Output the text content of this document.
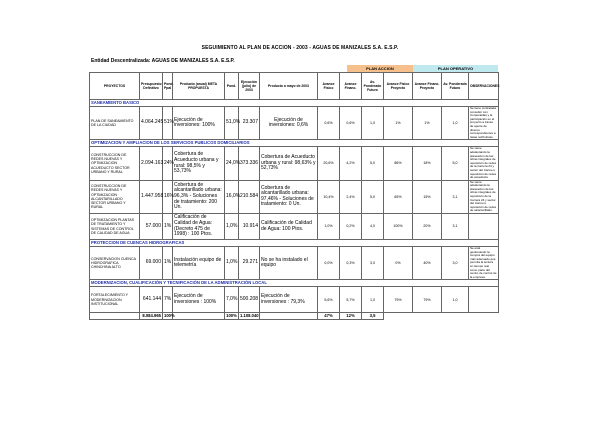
SEGUIMIENTO AL PLAN DE ACCION - 2003 - AGUAS DE MANIZALES S.A. E.S.P.
Entidad Descentralizada: AGUAS DE MANIZALES S.A. E.S.P.
PLAN ACCION	PLAN OPERATIVO
PROYECTOS	Presupuesto Definitivo	Pond. Ppal	Producto (anual) META PROPUESTA	Pond.	Ejecución (julio) de 2003	Producto a mayo de 2003	Avance Físico	Avance Financ.	Av. Ponderado Futuro	Avance Físico Proyecto	Avance Financ. Proyecto	Av. Ponderado Futuro	OBSERVACIONES
SANEAMIENTO BASICO													
PLAN DE SANEAMIENTO DE LA CIUDAD	4.064.245	51%	Ejecución de inversiones: 100%	51,0%	23.307	Ejecución de inversiones: 0,6%	0,6%	0,6%	1,0	1%	1%	1,0	Se tiene contratada consultor con Corpocaldas y la participación en el proyecto a través de aporte de dineros correspondientes a tasas retributivas.
OPTIMIZACION Y AMPLIACION DE LOS SERVICIOS PUBLICOS DOMICILIARIOS													
CONSTRUCCION DE REDES NUEVAS Y OPTIMIZACION ACUEDUCTO SECTOR URBANO Y RURAL	2.094.163	24%	Cobertura de Acueducto urbana y rural: 98,5% y 53,73%	24,0%	373.336	Cobertura de Acueducto urbana y rural: 98,63% y 52,73%	20,6%	4,2%	5,0	86%	18%	5,0	Se viene adelantando la planeación de las obras integrales de reposición de redes de la Carrera 24 y sector del Carmen; reposición de redes de acueducto.
CONSTRUCCION DE REDES NUEVAS Y OPTIMIZACION ALCANTARILLADO SECTOR URBANO Y RURAL	1.447.958	16%	Cobertura de alcantarillado urbana: 96,3% - Soluciones de tratamiento: 200 Un.	16,0%	210.584	Cobertura de alcantarillado urbana: 97,46% - Soluciones de tratamiento: 0 Un.	10,4%	2,4%	5,0	65%	15%	3,1	Se viene adelantando la planeación de las obras integrales de reposición de la Carrera 24 y sector del Carmen; reposición de redes de alcantarillado.
OPTIMIZACION PLANTAS DE TRATAMIENTO Y SISTEMAS DE CONTROL DE CALIDAD DE AGUA	57.000	1%	Calificación de Calidad de Agua: (Decreto 475 de 1998) : 100 Ptos.	1,0%	10.914	Calificación de Calidad de Agua: 100 Ptos.	1,0%	0,2%	4,0	100%	20%	3,1	
PROTECCION DE CUENCAS HIDROGRAFICAS													
CONSERVACION CUENCA HIDROGRAFICA CHINCHINA ALTO	69.000	1%	Instalación equipo de telemetría	1,0%	29.271	No se ha instalado el equipo	0,0%	0,3%	3,0	0%	40%	3,0	Se está gestionando la compra del equipo más adecuado que permita la lectura en tiempo real como parte del centro de control de la empresa.
MODERNIZACION, CUALIFICACIÓN Y TECNIFICACIÓN DE LA ADMINISTRACIÓN LOCAL													
FORTALECIMIENTO Y MODERNIZACION INSTITUCIONAL	641.144	7%	Ejecución de inversiones : 100%	7,0%	500.208	Ejecución de inversiones : 79,3%	5,6%	5,7%	1,0	79%	79%	1,0	
	8.084.965	100%		100%	1.108.040		47%	12%	3,5				
